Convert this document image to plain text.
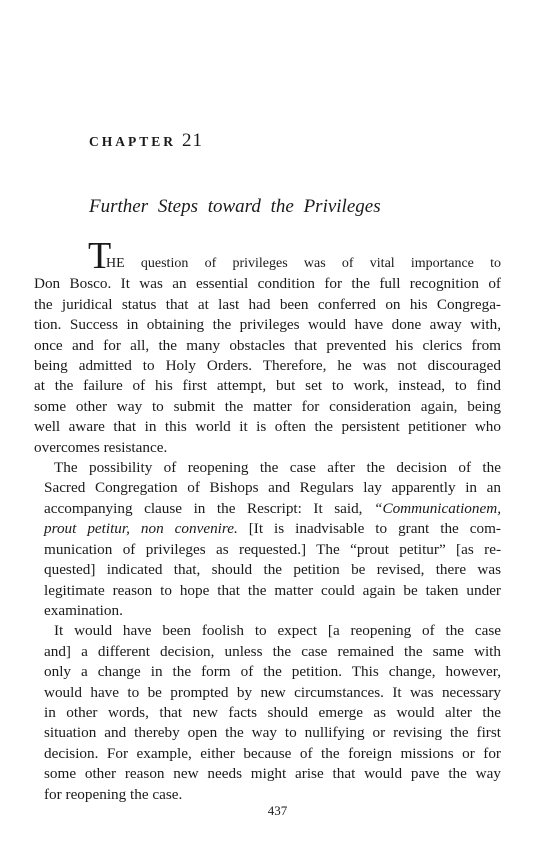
CHAPTER 21
Further Steps toward the Privileges

T
HE question of privileges was of vital importance to
Don Bosco. It was an essential condition for the full recognition of
the juridical status that at last had been conferred on his Congrega-
tion. Success in obtaining the privileges would have done away with,
once and for all, the many obstacles that prevented his clerics from
being admitted to Holy Orders. Therefore, he was not discouraged
at the failure of his first attempt, but set to work, instead, to find
some other way to submit the matter for consideration again, being
well aware that in this world it is often the persistent petitioner who
overcomes resistance.

The possibility of reopening the case after the decision of the
Sacred Congregation of Bishops and Regulars lay apparently in an
accompanying clause in the Rescript: It said, “Communicationem,
prout petitur, non convenire. [It is inadvisable to grant the com-
munication of privileges as requested.] The “prout petitur” [as re-
quested] indicated that, should the petition be revised, there was
legitimate reason to hope that the matter could again be taken under
examination.

It would have been foolish to expect [a reopening of the case
and] a different decision, unless the case remained the same with
only a change in the form of the petition. This change, however,
would have to be prompted by new circumstances. It was necessary
in other words, that new facts should emerge as would alter the
situation and thereby open the way to nullifying or revising the first
decision. For example, either because of the foreign missions or for
some other reason new needs might arise that would pave the way
for reopening the case.

437
